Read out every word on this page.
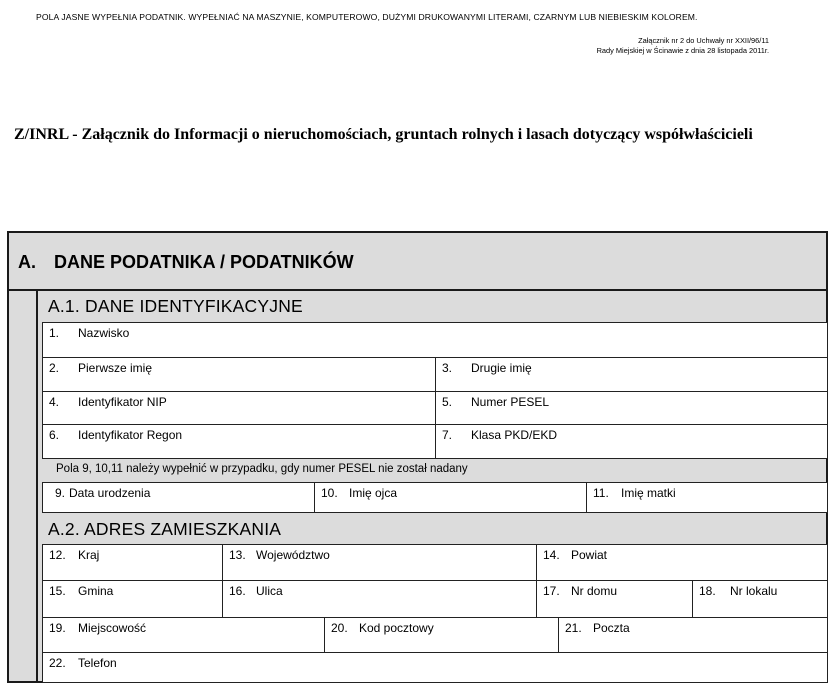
POLA JASNE WYPEŁNIA PODATNIK. WYPEŁNIAĆ NA MASZYNIE, KOMPUTEROWO, DUŻYMI DRUKOWANYMI LITERAMI, CZARNYM LUB NIEBIESKIM KOLOREM.
Załącznik nr 2 do Uchwały nr XXII/96/11
Rady Miejskiej w Ścinawie z dnia 28 listopada 2011r.
Z/INRL - Załącznik do Informacji o nieruchomościach, gruntach rolnych i lasach dotyczący współwłaścicieli
A. DANE PODATNIKA / PODATNIKÓW
A.1. DANE IDENTYFIKACYJNE
1. Nazwisko
2. Pierwsze imię	3. Drugie imię
4. Identyfikator NIP	5. Numer PESEL
6. Identyfikator Regon	7. Klasa PKD/EKD
Pola 9, 10,11 należy wypełnić w przypadku, gdy numer PESEL nie został nadany
9. Data urodzenia	10. Imię ojca	11. Imię matki
A.2. ADRES ZAMIESZKANIA
12. Kraj	13. Województwo	14. Powiat
15. Gmina	16. Ulica	17. Nr domu	18. Nr lokalu
19. Miejscowość	20. Kod pocztowy	21. Poczta
22. Telefon
